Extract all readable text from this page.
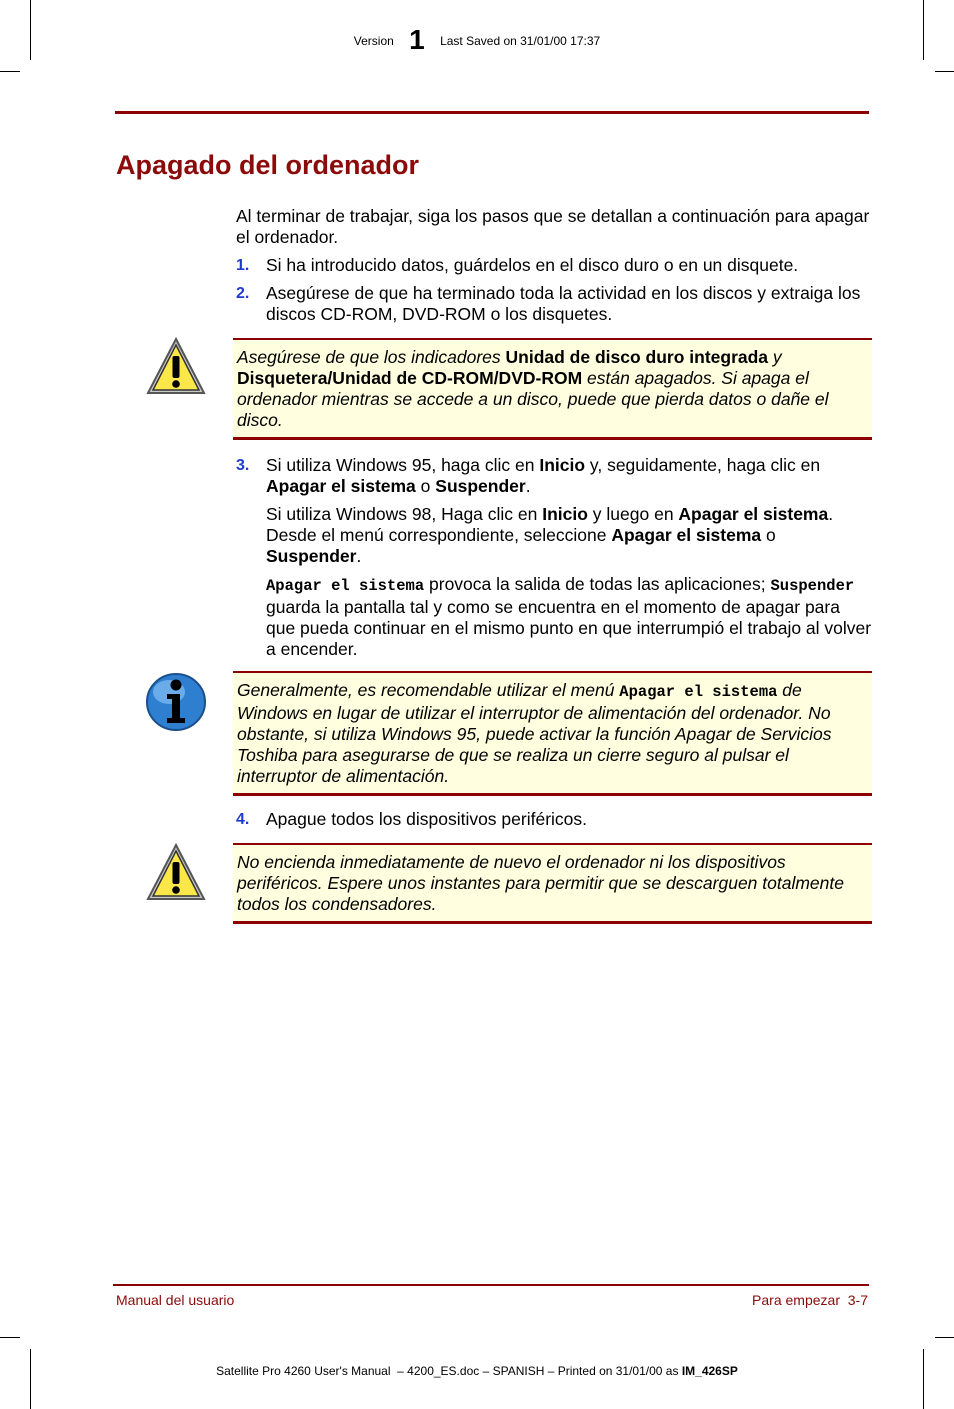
Version 1 Last Saved on 31/01/00 17:37
Apagado del ordenador
Al terminar de trabajar, siga los pasos que se detallan a continuación para apagar el ordenador.
1. Si ha introducido datos, guárdelos en el disco duro o en un disquete.
2. Asegúrese de que ha terminado toda la actividad en los discos y extraiga los discos CD-ROM, DVD-ROM o los disquetes.
Asegúrese de que los indicadores Unidad de disco duro integrada y Disquetera/Unidad de CD-ROM/DVD-ROM están apagados. Si apaga el ordenador mientras se accede a un disco, puede que pierda datos o dañe el disco.
3. Si utiliza Windows 95, haga clic en Inicio y, seguidamente, haga clic en Apagar el sistema o Suspender.
Si utiliza Windows 98, Haga clic en Inicio y luego en Apagar el sistema. Desde el menú correspondiente, seleccione Apagar el sistema o Suspender.
Apagar el sistema provoca la salida de todas las aplicaciones; Suspender guarda la pantalla tal y como se encuentra en el momento de apagar para que pueda continuar en el mismo punto en que interrumpió el trabajo al volver a encender.
Generalmente, es recomendable utilizar el menú Apagar el sistema de Windows en lugar de utilizar el interruptor de alimentación del ordenador. No obstante, si utiliza Windows 95, puede activar la función Apagar de Servicios Toshiba para asegurarse de que se realiza un cierre seguro al pulsar el interruptor de alimentación.
4. Apague todos los dispositivos periféricos.
No encienda inmediatamente de nuevo el ordenador ni los dispositivos periféricos. Espere unos instantes para permitir que se descarguen totalmente todos los condensadores.
Manual del usuario	Para empezar  3-7
Satellite Pro 4260 User's Manual  – 4200_ES.doc – SPANISH – Printed on 31/01/00 as IM_426SP
